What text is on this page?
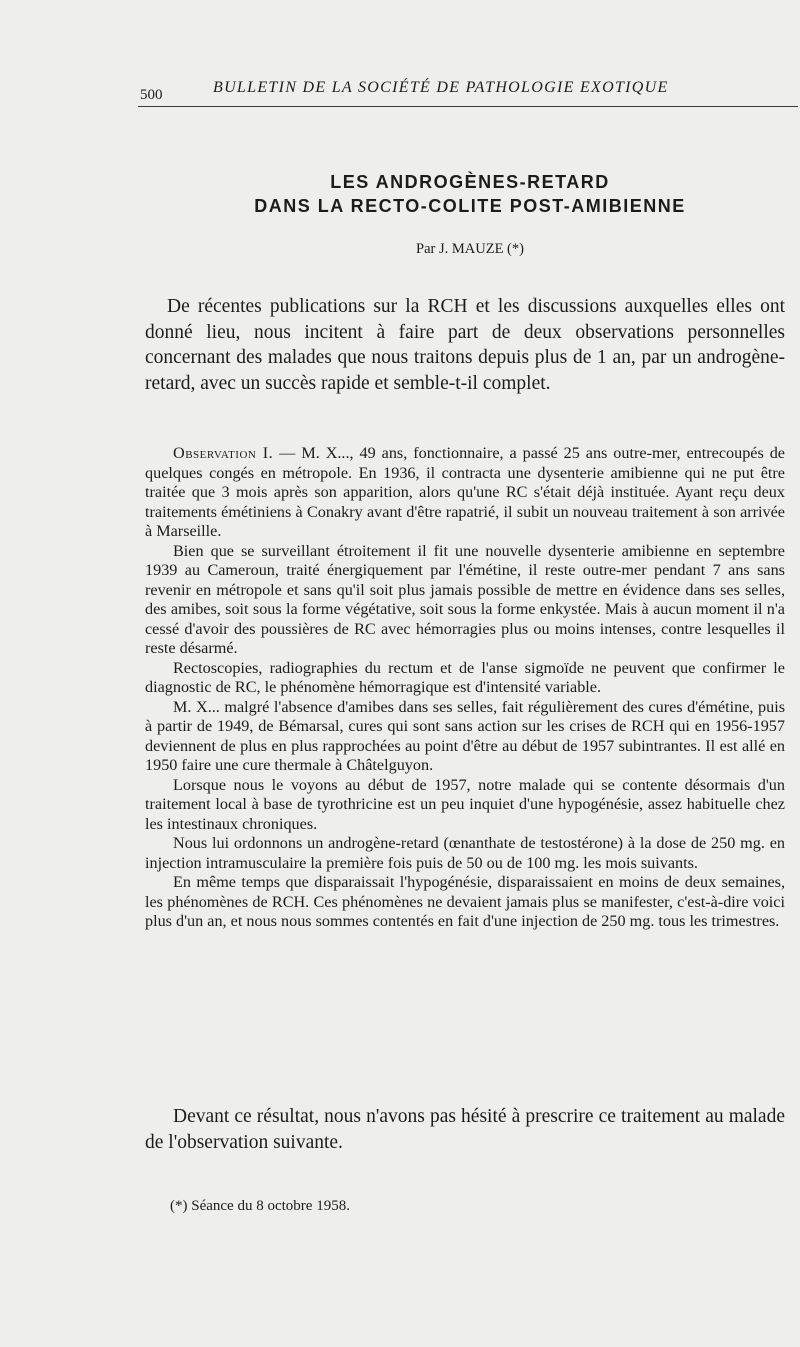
500	BULLETIN DE LA SOCIÉTÉ DE PATHOLOGIE EXOTIQUE
LES ANDROGÈNES-RETARD
DANS LA RECTO-COLITE POST-AMIBIENNE
Par J. MAUZE (*)

De récentes publications sur la RCH et les discussions auxquelles elles ont donné lieu, nous incitent à faire part de deux observations personnelles concernant des malades que nous traitons depuis plus de 1 an, par un androgène-retard, avec un succès rapide et semble-t-il complet.

Observation I. — M. X..., 49 ans, fonctionnaire, a passé 25 ans outre-mer, entrecoupés de quelques congés en métropole. En 1936, il contracta une dysenterie amibienne qui ne put être traitée que 3 mois après son apparition, alors qu'une RC s'était déjà instituée. Ayant reçu deux traitements émétiniens à Conakry avant d'être rapatrié, il subit un nouveau traitement à son arrivée à Marseille.

Bien que se surveillant étroitement il fit une nouvelle dysenterie amibienne en septembre 1939 au Cameroun, traité énergiquement par l'émétine, il reste outre-mer pendant 7 ans sans revenir en métropole et sans qu'il soit plus jamais possible de mettre en évidence dans ses selles, des amibes, soit sous la forme végétative, soit sous la forme enkystée. Mais à aucun moment il n'a cessé d'avoir des poussières de RC avec hémorragies plus ou moins intenses, contre lesquelles il reste désarmé.

Rectoscopies, radiographies du rectum et de l'anse sigmoïde ne peuvent que confirmer le diagnostic de RC, le phénomène hémorragique est d'intensité variable.

M. X... malgré l'absence d'amibes dans ses selles, fait régulièrement des cures d'émétine, puis à partir de 1949, de Bémarsal, cures qui sont sans action sur les crises de RCH qui en 1956-1957 deviennent de plus en plus rapprochées au point d'être au début de 1957 subintrantes. Il est allé en 1950 faire une cure thermale à Châtelguyon.

Lorsque nous le voyons au début de 1957, notre malade qui se contente désormais d'un traitement local à base de tyrothricine est un peu inquiet d'une hypogénésie, assez habituelle chez les intestinaux chroniques.

Nous lui ordonnons un androgène-retard (œnanthate de testostérone) à la dose de 250 mg. en injection intramusculaire la première fois puis de 50 ou de 100 mg. les mois suivants.

En même temps que disparaissait l'hypogénésie, disparaissaient en moins de deux semaines, les phénomènes de RCH. Ces phénomènes ne devaient jamais plus se manifester, c'est-à-dire voici plus d'un an, et nous nous sommes contentés en fait d'une injection de 250 mg. tous les trimestres.

Devant ce résultat, nous n'avons pas hésité à prescrire ce traitement au malade de l'observation suivante.

(*) Séance du 8 octobre 1958.
